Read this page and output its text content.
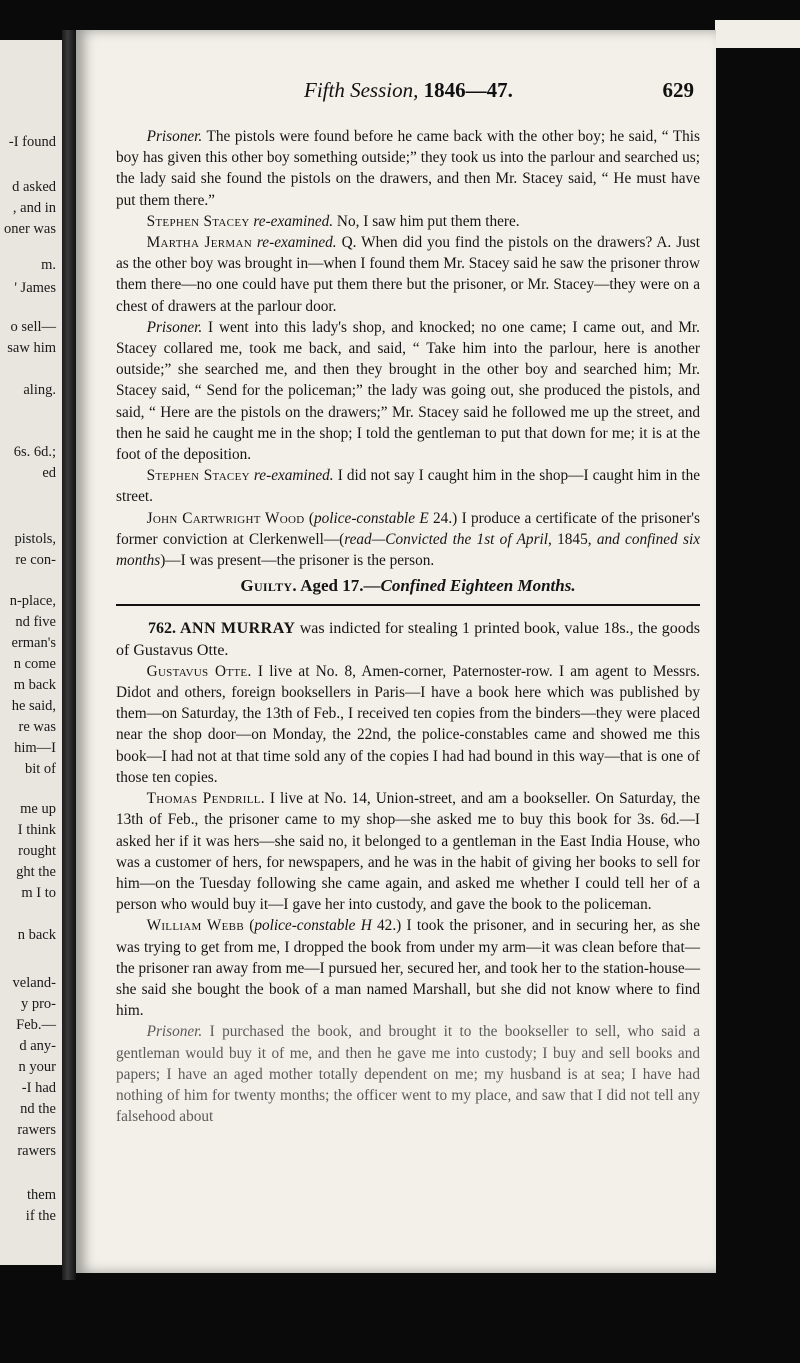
-I found
d asked
, and in
oner was
m.
' James
o sell—
saw him
aling.
6s. 6d.;
ed
pistols,
re con-
n-place,
nd five
erman's
n come
m back
he said,
re was
him—I
bit of
me up
I think
rought
ght the
m I to
n back
veland-
y pro-
Feb.—
d any-
n your
-I had
nd the
rawers
rawers
them
if the
Fifth Session, 1846—47.	629

Prisoner. The pistols were found before he came back with the other boy; he said, “ This boy has given this other boy something outside;” they took us into the parlour and searched us; the lady said she found the pistols on the drawers, and then Mr. Stacey said, “ He must have put them there.”

Stephen Stacey re-examined. No, I saw him put them there.

Martha Jerman re-examined. Q. When did you find the pistols on the drawers? A. Just as the other boy was brought in—when I found them Mr. Stacey said he saw the prisoner throw them there—no one could have put them there but the prisoner, or Mr. Stacey—they were on a chest of drawers at the parlour door.

Prisoner. I went into this lady's shop, and knocked; no one came; I came out, and Mr. Stacey collared me, took me back, and said, “ Take him into the parlour, here is another outside;” she searched me, and then they brought in the other boy and searched him; Mr. Stacey said, “ Send for the policeman;” the lady was going out, she produced the pistols, and said, “ Here are the pistols on the drawers;” Mr. Stacey said he followed me up the street, and then he said he caught me in the shop; I told the gentleman to put that down for me; it is at the foot of the deposition.

Stephen Stacey re-examined. I did not say I caught him in the shop—I caught him in the street.

John Cartwright Wood (police-constable E 24.) I produce a certificate of the prisoner's former conviction at Clerkenwell—(read—Convicted the 1st of April, 1845, and confined six months)—I was present—the prisoner is the person.

Guilty. Aged 17.—Confined Eighteen Months.

762. ANN MURRAY was indicted for stealing 1 printed book, value 18s., the goods of Gustavus Otte.

Gustavus Otte. I live at No. 8, Amen-corner, Paternoster-row. I am agent to Messrs. Didot and others, foreign booksellers in Paris—I have a book here which was published by them—on Saturday, the 13th of Feb., I received ten copies from the binders—they were placed near the shop door—on Monday, the 22nd, the police-constables came and showed me this book—I had not at that time sold any of the copies I had had bound in this way—that is one of those ten copies.

Thomas Pendrill. I live at No. 14, Union-street, and am a bookseller. On Saturday, the 13th of Feb., the prisoner came to my shop—she asked me to buy this book for 3s. 6d.—I asked her if it was hers—she said no, it belonged to a gentleman in the East India House, who was a customer of hers, for newspapers, and he was in the habit of giving her books to sell for him—on the Tuesday following she came again, and asked me whether I could tell her of a person who would buy it—I gave her into custody, and gave the book to the policeman.

William Webb (police-constable H 42.) I took the prisoner, and in securing her, as she was trying to get from me, I dropped the book from under my arm—it was clean before that—the prisoner ran away from me—I pursued her, secured her, and took her to the station-house—she said she bought the book of a man named Marshall, but she did not know where to find him.

Prisoner. I purchased the book, and brought it to the bookseller to sell, who said a gentleman would buy it of me, and then he gave me into custody; I buy and sell books and papers; I have an aged mother totally dependent on me; my husband is at sea; I have had nothing of him for twenty months; the officer went to my place, and saw that I did not tell any falsehood about
